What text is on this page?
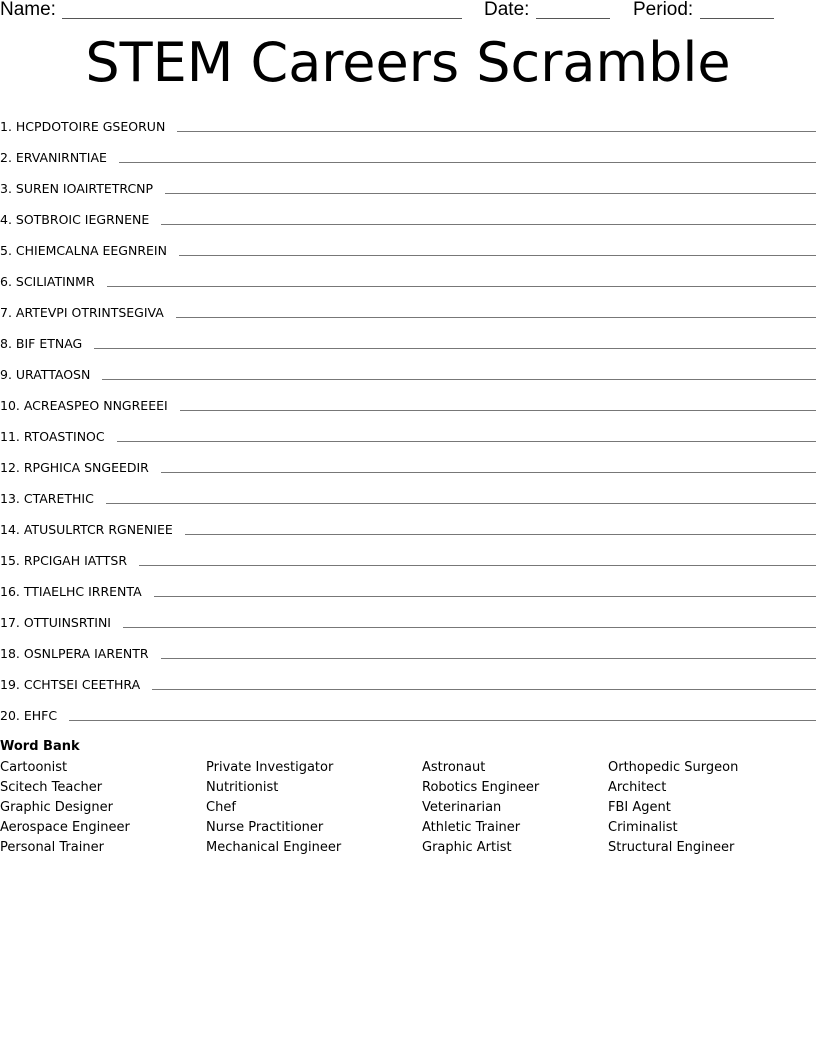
Name:	Date:	Period:
STEM Careers Scramble
1. HCPDOTOIRE GSEORUN
2. ERVANIRNTIAE
3. SUREN IOAIRTETRCNP
4. SOTBROIC IEGRNENE
5. CHIEMCALNA EEGNREIN
6. SCILIATINMR
7. ARTEVPI OTRINTSEGIVA
8. BIF ETNAG
9. URATTAOSN
10. ACREASPEO NNGREEEI
11. RTOASTINOC
12. RPGHICA SNGEEDIR
13. CTARETHIC
14. ATUSULRTCR RGNENIEE
15. RPCIGAH IATTSR
16. TTIAELHC IRRENTA
17. OTTUINSRTINI
18. OSNLPERA IARENTR
19. CCHTSEI CEETHRA
20. EHFC
Word Bank
Cartoonist
Scitech Teacher
Graphic Designer
Aerospace Engineer
Personal Trainer
Private Investigator
Nutritionist
Chef
Nurse Practitioner
Mechanical Engineer
Astronaut
Robotics Engineer
Veterinarian
Athletic Trainer
Graphic Artist
Orthopedic Surgeon
Architect
FBI Agent
Criminalist
Structural Engineer
